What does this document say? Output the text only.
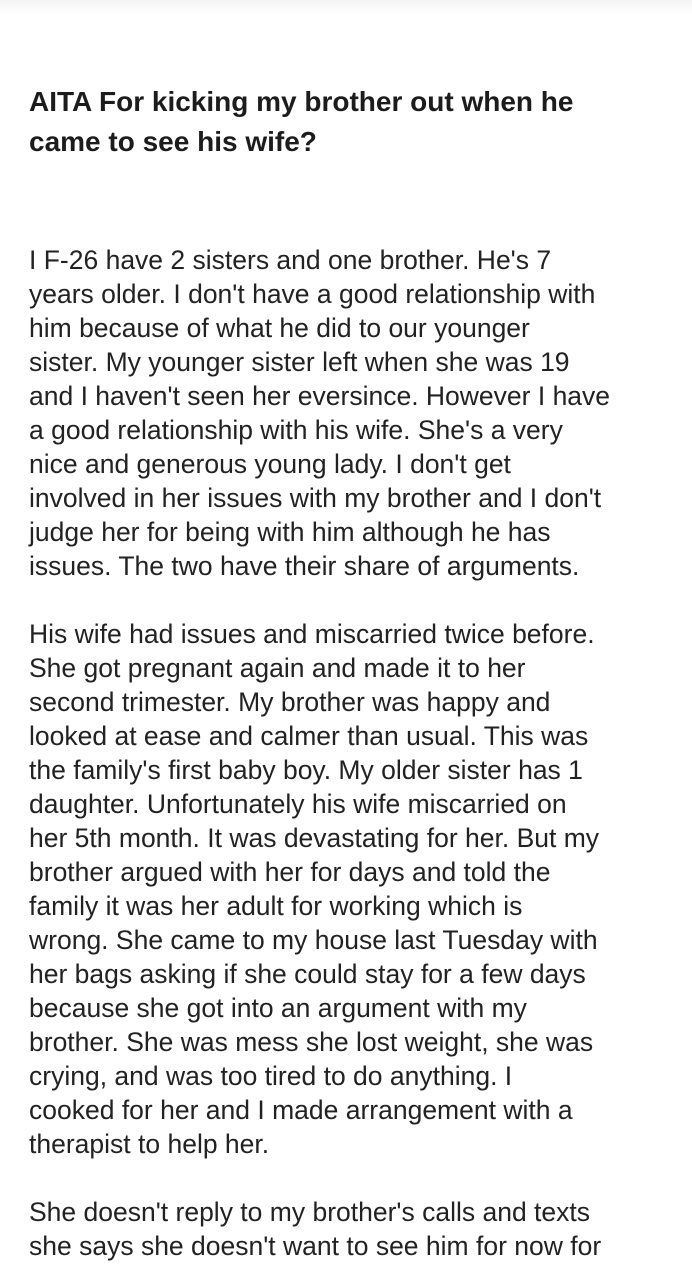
AITA For kicking my brother out when he
came to see his wife?

I F-26 have 2 sisters and one brother. He's 7
years older. I don't have a good relationship with
him because of what he did to our younger
sister. My younger sister left when she was 19
and I haven't seen her eversince. However I have
a good relationship with his wife. She's a very
nice and generous young lady. I don't get
involved in her issues with my brother and I don't
judge her for being with him although he has
issues. The two have their share of arguments.

His wife had issues and miscarried twice before.
She got pregnant again and made it to her
second trimester. My brother was happy and
looked at ease and calmer than usual. This was
the family's first baby boy. My older sister has 1
daughter. Unfortunately his wife miscarried on
her 5th month. It was devastating for her. But my
brother argued with her for days and told the
family it was her adult for working which is
wrong. She came to my house last Tuesday with
her bags asking if she could stay for a few days
because she got into an argument with my
brother. She was mess she lost weight, she was
crying, and was too tired to do anything. I
cooked for her and I made arrangement with a
therapist to help her.

She doesn't reply to my brother's calls and texts
she says she doesn't want to see him for now for
